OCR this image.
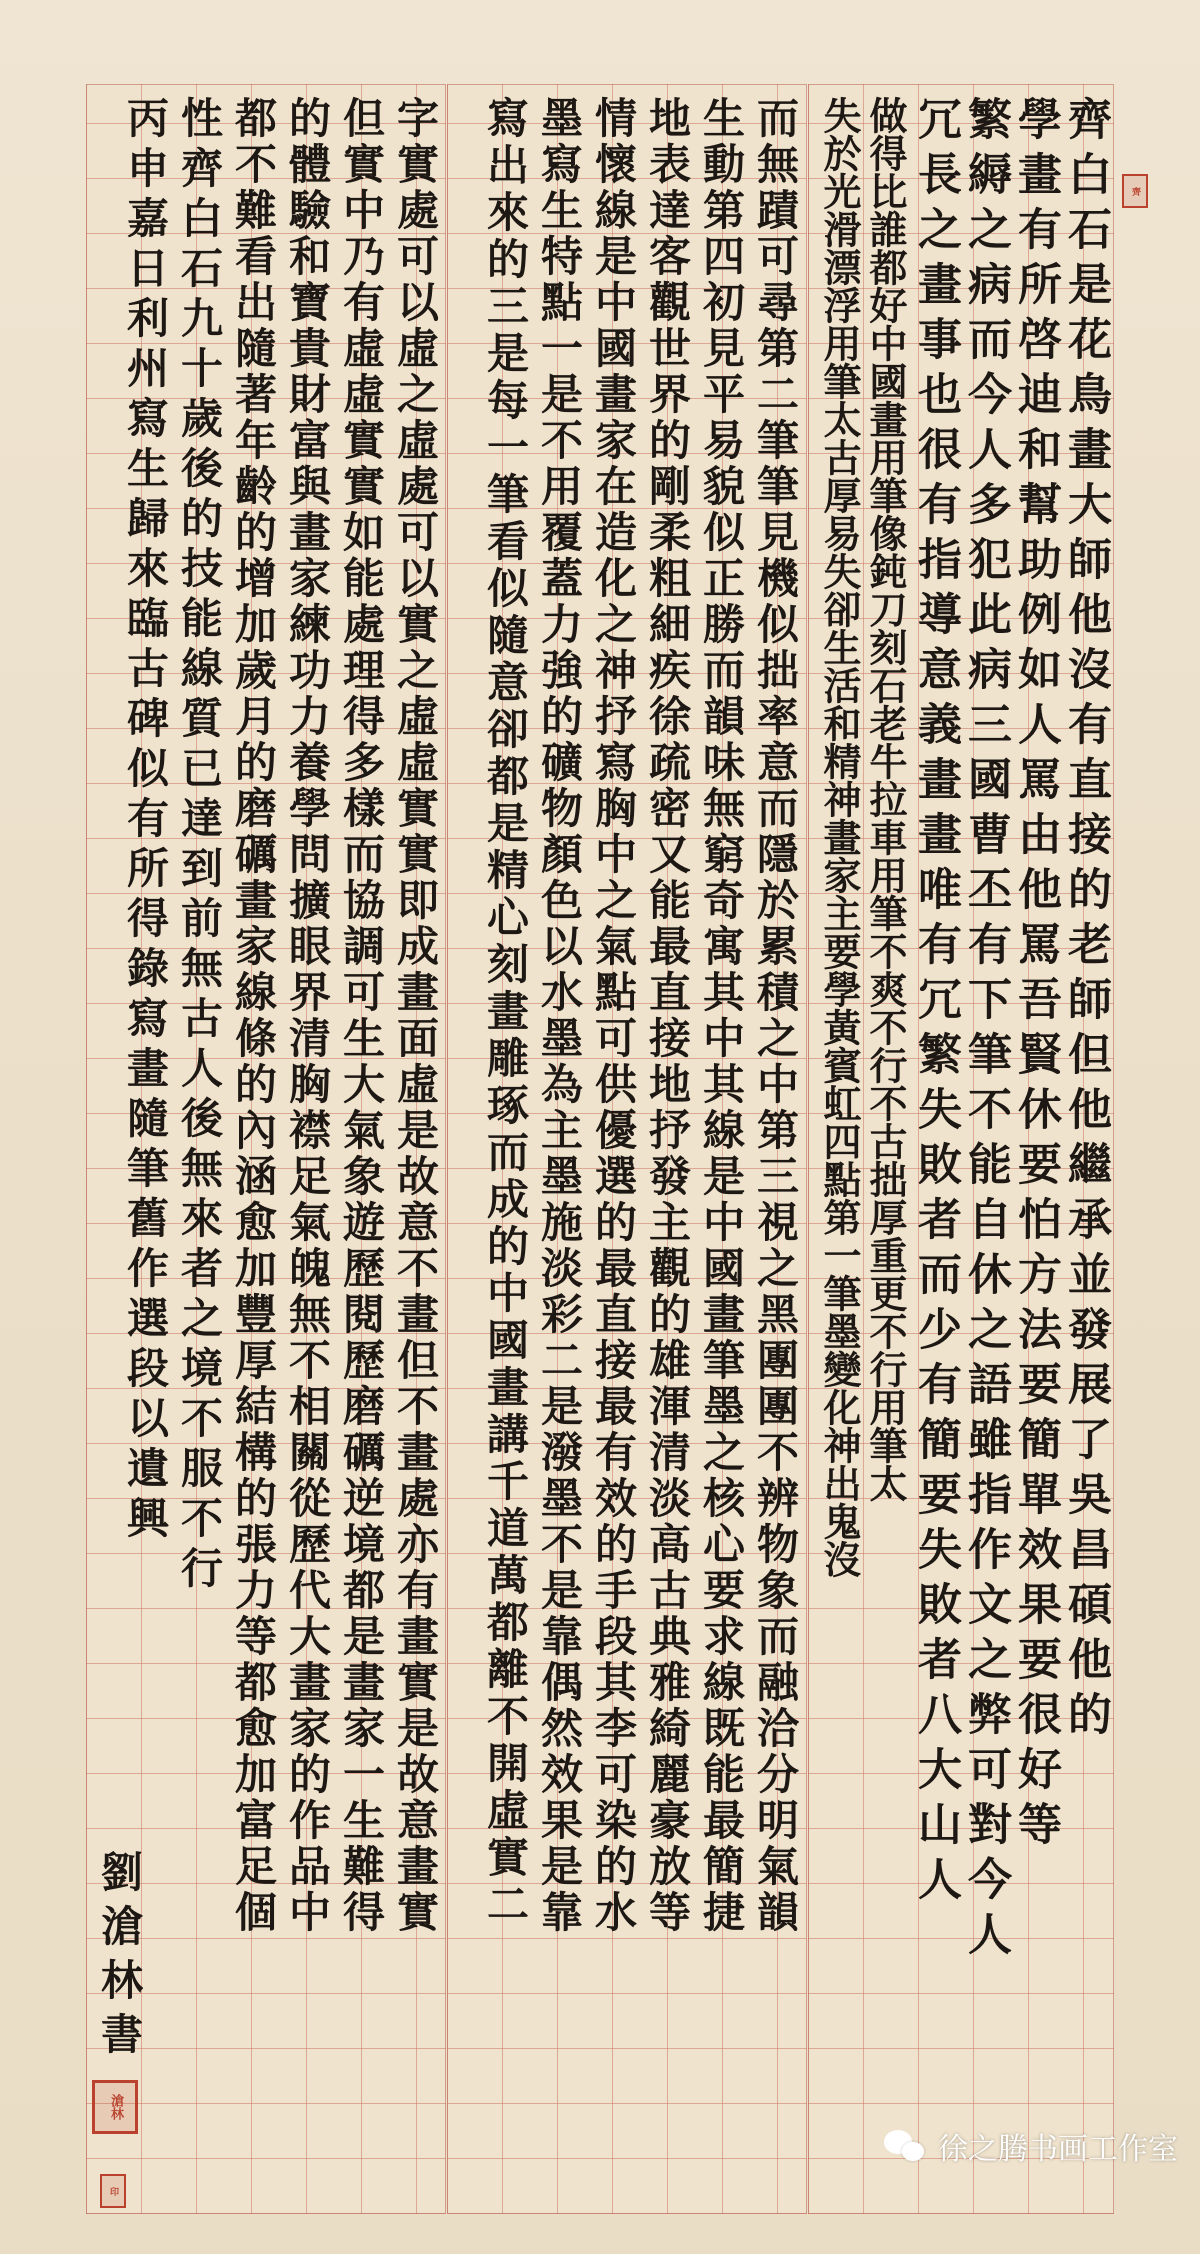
齊白石是花鳥畫大師他沒有直接的老師但他繼承並發展了吳昌碩他的
學畫有所啓迪和幫助例如人罵由他罵吾賢休要怕方法要簡單效果要很好等
繁縟之病而今人多犯此病三國曹丕有下筆不能自休之語雖指作文之弊可對今人
冗長之畫事也很有指導意義畫畫唯有冗繁失敗者而少有簡要失敗者八大山人
做得比誰都好中國畫用筆像鈍刀刻石老牛拉車用筆不爽不行不古拙厚重更不行用筆太
失於光滑漂浮用筆太古厚易失卻生活和精神畫家主要學黃賓虹四點第一筆墨變化神出鬼沒
而無蹟可尋第二筆筆見機似拙率意而隱於累積之中第三視之黑團團不辨物象而融洽分明氣韻
生動第四初見平易貌似正勝而韻味無窮奇寓其中其線是中國畫筆墨之核心要求線既能最簡捷
地表達客觀世界的剛柔粗細疾徐疏密又能最直接地抒發主觀的雄渾清淡高古典雅綺麗豪放等
情懷線是中國畫家在造化之神抒寫胸中之氣點可供優選的最直接最有效的手段其李可染的水
墨寫生特點一是不用覆蓋力強的礦物顏色以水墨為主墨施淡彩二是潑墨不是靠偶然效果是靠
寫出來的三是每一筆看似隨意卻都是精心刻畫雕琢而成的中國畫講千道萬都離不開虛實二
字實處可以虛之虛處可以實之虛虛實實即成畫面虛是故意不畫但不畫處亦有畫實是故意畫實
但實中乃有虛虛實實如能處理得多樣而協調可生大氣象遊歷閱歷磨礪逆境都是畫家一生難得
的體驗和寶貴財富與畫家練功力養學問擴眼界清胸襟足氣魄無不相關從歷代大畫家的作品中
都不難看出隨著年齡的增加歲月的磨礪畫家線條的內涵愈加豐厚結構的張力等都愈加富足個
性齊白石九十歲後的技能線質已達到前無古人後無來者之境不服不行
丙申嘉日利州寫生歸來臨古碑似有所得錄寫畫隨筆舊作選段以遺興
劉滄林書
齊
滄林
印
徐之腾书画工作室
